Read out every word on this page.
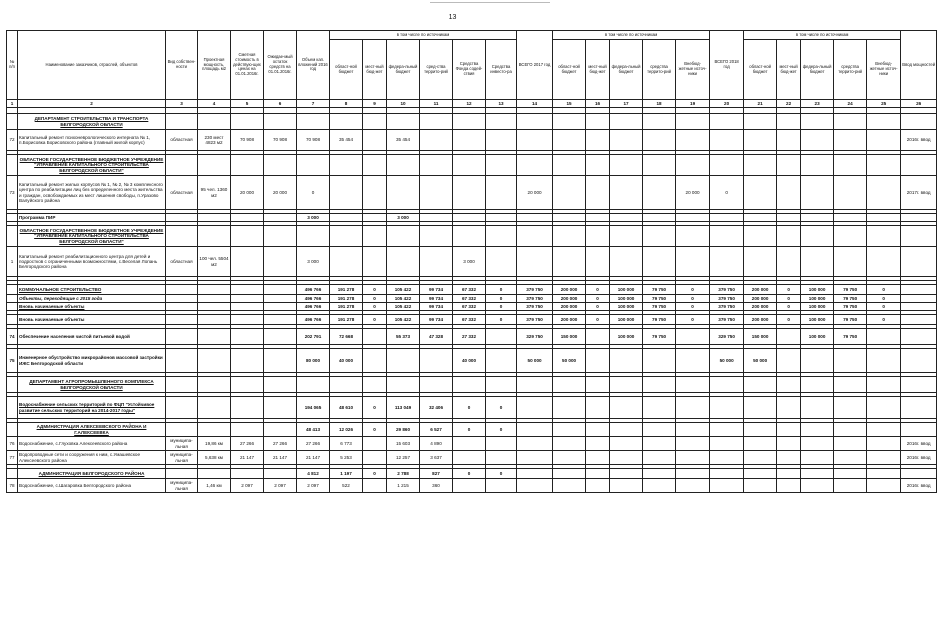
13
№ п/п	Наименование заказчиков, отраслей, объектов	Вид собствен-ности	Проектная мощность, площадь м2	Сметная стоимость в действую-щих ценах на 01.01.2016г.	Ожидае-мый остаток средств на 01.01.2016г.	Объем кап. вложений 2016 год	в том числе по источникам						ВСЕГО 2017 год	в том числе по источникам					ВСЕГО 2018 год	в том числе по источникам					Ввод мощностей
							област-ной бюджет	мест-ный бюд-жет	федера-льный бюджет	сред-ства террито-рий	Средства Фонда содей-ствия	Средства инвесто-ра		област-ной бюджет	мест-ный бюд-жет	федера-льный бюджет	средства террито-рий	Внебюд-жетные источ-ники		област-ной бюджет	мест-ный бюд-жет	федера-льный бюджет	средства террито-рий	Внебюд-жетные источ-ники	
1	2	3	4	5	6	7	8	9	10	11	12	13	14	15	16	17	18	19	20	21	22	23	24	25	26

	ДЕПАРТАМЕНТ СТРОИТЕЛЬСТВА И ТРАНСПОРТА БЕЛГОРОДСКОЙ ОБЛАСТИ																								
72	Капитальный ремонт психоневрологического интерната № 1, п.Борисовка Борисовского района (главный жилой корпус)	областная	230 мест 4823 м2	70 908	70 908	70 908	35 454		35 454																2016г. ввод

	ОБЛАСТНОЕ ГОСУДАРСТВЕННОЕ БЮДЖЕТНОЕ УЧРЕЖДЕНИЕ "УПРАВЛЕНИЕ КАПИТАЛЬНОГО СТРОИТЕЛЬСТВА БЕЛГОРОДСКОЙ ОБЛАСТИ"																								
73	Капитальный ремонт жилых корпусов № 1, № 2, № 3 комплексного центра по реабилитации лиц без определенного места жительства и граждан, освобождаемых из мест лишения свободы, п.Уразово Валуйского района	областная	95 чел. 1360 м2	20 000	20 000	0							20 000					20 000	0						2017г. ввод

	Программа ПИР					3 000			3 000																

	ОБЛАСТНОЕ ГОСУДАРСТВЕННОЕ БЮДЖЕТНОЕ УЧРЕЖДЕНИЕ "УПРАВЛЕНИЕ КАПИТАЛЬНОГО СТРОИТЕЛЬСТВА БЕЛГОРОДСКОЙ ОБЛАСТИ"																								
1	Капитальный ремонт реабилитационного центра для детей и подростков с ограниченными возможностями, с.Веселая Лопань Белгородского района	областная	100 чел. 5504 м2			3 000					3 000														

	КОММУНАЛЬНОЕ СТРОИТЕЛЬСТВО					496 766	191 278	0	105 422	99 734	67 332	0	379 750	200 000	0	100 000	79 750	0	379 750	200 000	0	100 000	79 750	0	
	Объекты, переходящие с 2015 года					496 766	191 278	0	105 422	99 734	67 332	0	379 750	200 000	0	100 000	79 750	0	379 750	200 000	0	100 000	79 750	0	
	Вновь начинаемые объекты					496 766	191 278	0	105 422	99 734	67 332	0	379 750	200 000	0	100 000	79 750	0	379 750	200 000	0	100 000	79 750	0	

	Вновь начинаемые объекты					496 766	191 278	0	105 422	99 734	67 332	0	379 750	200 000	0	100 000	79 750	0	379 750	200 000	0	100 000	79 750	0	

74	Обеспечение населения чистой питьевой водой					202 791	72 668		55 373	47 328	27 332		329 750	150 000		100 000	79 750		329 750	150 000		100 000	79 750		

75	Инженерное обустройство микрорайонов массовой застройки ИЖС Белгородской области					80 000	40 000				40 000		50 000	50 000					50 000	50 000					

	ДЕПАРТАМЕНТ АГРОПРОМЫШЛЕННОГО КОМПЛЕКСА БЕЛГОРОДСКОЙ ОБЛАСТИ																								

	Водоснабжение сельских территорий по ФЦП "Устойчивое развитие сельских территорий на 2014-2017 годы"					194 065	48 610	0	113 049	32 406	0	0													

	АДМИНИСТРАЦИЯ АЛЕКСЕЕВСКОГО РАЙОНА И Г.АЛЕКСЕЕВКА					48 413	12 026	0	29 860	6 527	0	0													
76	Водоснабжение, с.Глуховка Алексеевского района	муниципа-льная	19,86 км	27 266	27 266	27 266	6 773		15 603	4 890															2016г. ввод
77	Водопроводные сети и сооружения к ним, с.Умашевское Алексеевского района	муниципа-льная	5,638 км	21 147	21 147	21 147	5 253		12 257	3 637															2016г. ввод

	АДМИНИСТРАЦИЯ БЕЛГОРОДСКОГО РАЙОНА					4 812	1 197	0	2 788	827	0	0													
78	Водоснабжение, с.Шагаровка Белгородского района	муниципа-льная	1,46 км	2 097	2 097	2 097	522		1 215	360															2016г. ввод
